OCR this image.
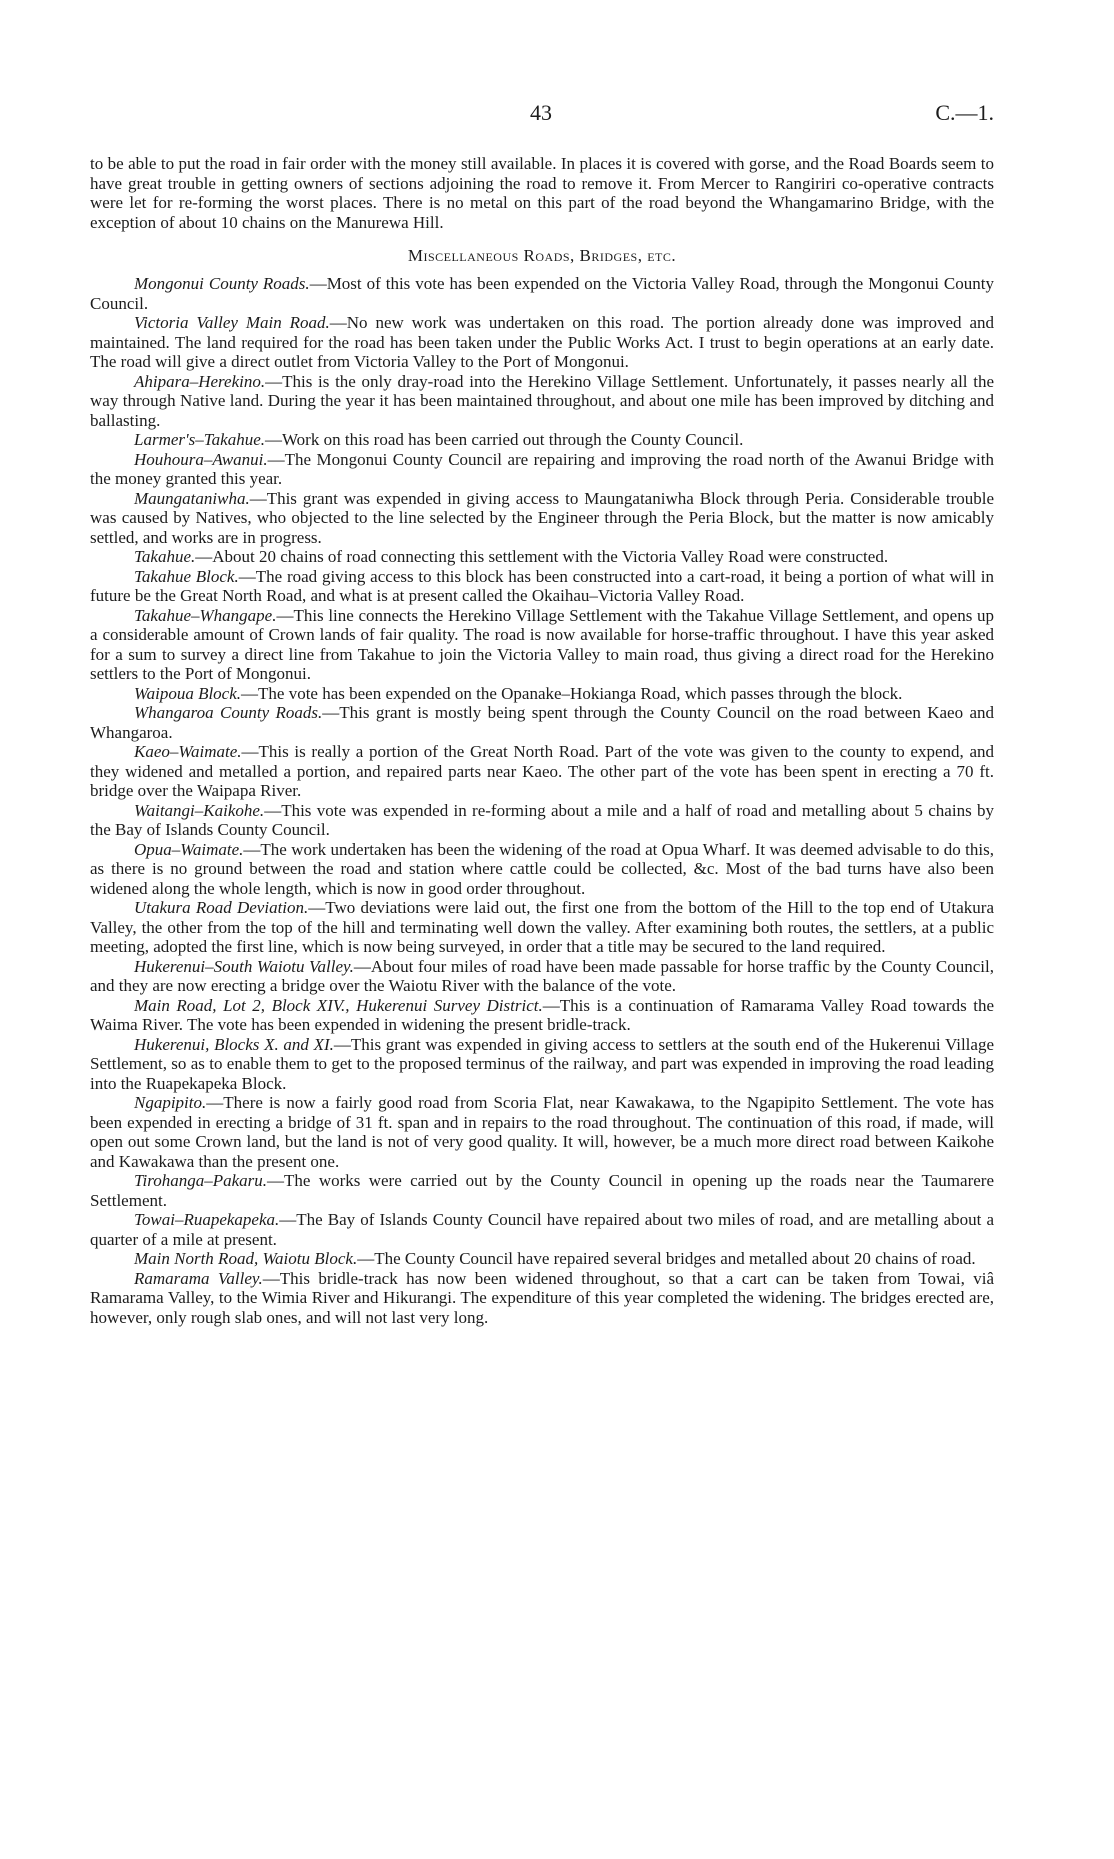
43	C.—1.

to be able to put the road in fair order with the money still available. In places it is covered with gorse, and the Road Boards seem to have great trouble in getting owners of sections adjoining the road to remove it. From Mercer to Rangiriri co-operative contracts were let for re-forming the worst places. There is no metal on this part of the road beyond the Whangamarino Bridge, with the exception of about 10 chains on the Manurewa Hill.

Miscellaneous Roads, Bridges, etc.

Mongonui County Roads.—Most of this vote has been expended on the Victoria Valley Road, through the Mongonui County Council.

Victoria Valley Main Road.—No new work was undertaken on this road. The portion already done was improved and maintained. The land required for the road has been taken under the Public Works Act. I trust to begin operations at an early date. The road will give a direct outlet from Victoria Valley to the Port of Mongonui.

Ahipara–Herekino.—This is the only dray-road into the Herekino Village Settlement. Unfortunately, it passes nearly all the way through Native land. During the year it has been maintained throughout, and about one mile has been improved by ditching and ballasting.

Larmer's–Takahue.—Work on this road has been carried out through the County Council.

Houhoura–Awanui.—The Mongonui County Council are repairing and improving the road north of the Awanui Bridge with the money granted this year.

Maungataniwha.—This grant was expended in giving access to Maungataniwha Block through Peria. Considerable trouble was caused by Natives, who objected to the line selected by the Engineer through the Peria Block, but the matter is now amicably settled, and works are in progress.

Takahue.—About 20 chains of road connecting this settlement with the Victoria Valley Road were constructed.

Takahue Block.—The road giving access to this block has been constructed into a cart-road, it being a portion of what will in future be the Great North Road, and what is at present called the Okaihau–Victoria Valley Road.

Takahue–Whangape.—This line connects the Herekino Village Settlement with the Takahue Village Settlement, and opens up a considerable amount of Crown lands of fair quality. The road is now available for horse-traffic throughout. I have this year asked for a sum to survey a direct line from Takahue to join the Victoria Valley to main road, thus giving a direct road for the Herekino settlers to the Port of Mongonui.

Waipoua Block.—The vote has been expended on the Opanake–Hokianga Road, which passes through the block.

Whangaroa County Roads.—This grant is mostly being spent through the County Council on the road between Kaeo and Whangaroa.

Kaeo–Waimate.—This is really a portion of the Great North Road. Part of the vote was given to the county to expend, and they widened and metalled a portion, and repaired parts near Kaeo. The other part of the vote has been spent in erecting a 70 ft. bridge over the Waipapa River.

Waitangi–Kaikohe.—This vote was expended in re-forming about a mile and a half of road and metalling about 5 chains by the Bay of Islands County Council.

Opua–Waimate.—The work undertaken has been the widening of the road at Opua Wharf. It was deemed advisable to do this, as there is no ground between the road and station where cattle could be collected, &c. Most of the bad turns have also been widened along the whole length, which is now in good order throughout.

Utakura Road Deviation.—Two deviations were laid out, the first one from the bottom of the Hill to the top end of Utakura Valley, the other from the top of the hill and terminating well down the valley. After examining both routes, the settlers, at a public meeting, adopted the first line, which is now being surveyed, in order that a title may be secured to the land required.

Hukerenui–South Waiotu Valley.—About four miles of road have been made passable for horse traffic by the County Council, and they are now erecting a bridge over the Waiotu River with the balance of the vote.

Main Road, Lot 2, Block XIV., Hukerenui Survey District.—This is a continuation of Ramarama Valley Road towards the Waima River. The vote has been expended in widening the present bridle-track.

Hukerenui, Blocks X. and XI.—This grant was expended in giving access to settlers at the south end of the Hukerenui Village Settlement, so as to enable them to get to the proposed terminus of the railway, and part was expended in improving the road leading into the Ruapekapeka Block.

Ngapipito.—There is now a fairly good road from Scoria Flat, near Kawakawa, to the Ngapipito Settlement. The vote has been expended in erecting a bridge of 31 ft. span and in repairs to the road throughout. The continuation of this road, if made, will open out some Crown land, but the land is not of very good quality. It will, however, be a much more direct road between Kaikohe and Kawakawa than the present one.

Tirohanga–Pakaru.—The works were carried out by the County Council in opening up the roads near the Taumarere Settlement.

Towai–Ruapekapeka.—The Bay of Islands County Council have repaired about two miles of road, and are metalling about a quarter of a mile at present.

Main North Road, Waiotu Block.—The County Council have repaired several bridges and metalled about 20 chains of road.

Ramarama Valley.—This bridle-track has now been widened throughout, so that a cart can be taken from Towai, viâ Ramarama Valley, to the Wimia River and Hikurangi. The expenditure of this year completed the widening. The bridges erected are, however, only rough slab ones, and will not last very long.
